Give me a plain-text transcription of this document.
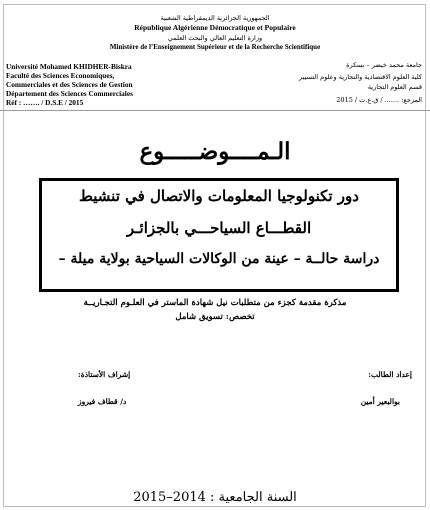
الجمهورية الجزائرية الديمقراطية الشعبية
République Algérienne Démocratique et Populaire
وزارة التعليم العالي والبحث العلمي
Ministère de l’Enseignement Supérieur et de la Recherche Scientifique
Université Mohamed KHIDHER-Biskra
Faculté des Sciences Economiques,
Commerciales et des Sciences de Gestion
Département des Sciences Commerciales
Réf : ……. / D.S.E / 2015
جامعة محمد خيضر – بسكرة
كلية العلوم الاقتصادية والتجارية وعلوم التسيير
قسم العلوم التجارية
المرجع: ....... / ق.ع.ت / 2015
الـمــــوضـــــوع
دور تكنولوجيا المعلومات والاتصال في تنشيط
القطـــاع السياحـــي بالجزائـر
دراسة حالــة – عينة من الوكالات السياحية بولاية ميلة –
مذكرة مقدمة كجزء من متطلبات نيل شهادة الماستر في العلـوم التجـاريــة
تخصص: تسويق شامل
إعداد الطالب:
إشراف الأستاذة:
بوالبعير أمين
د/ قطاف فيروز
السنة الجامعية : 2014–2015
